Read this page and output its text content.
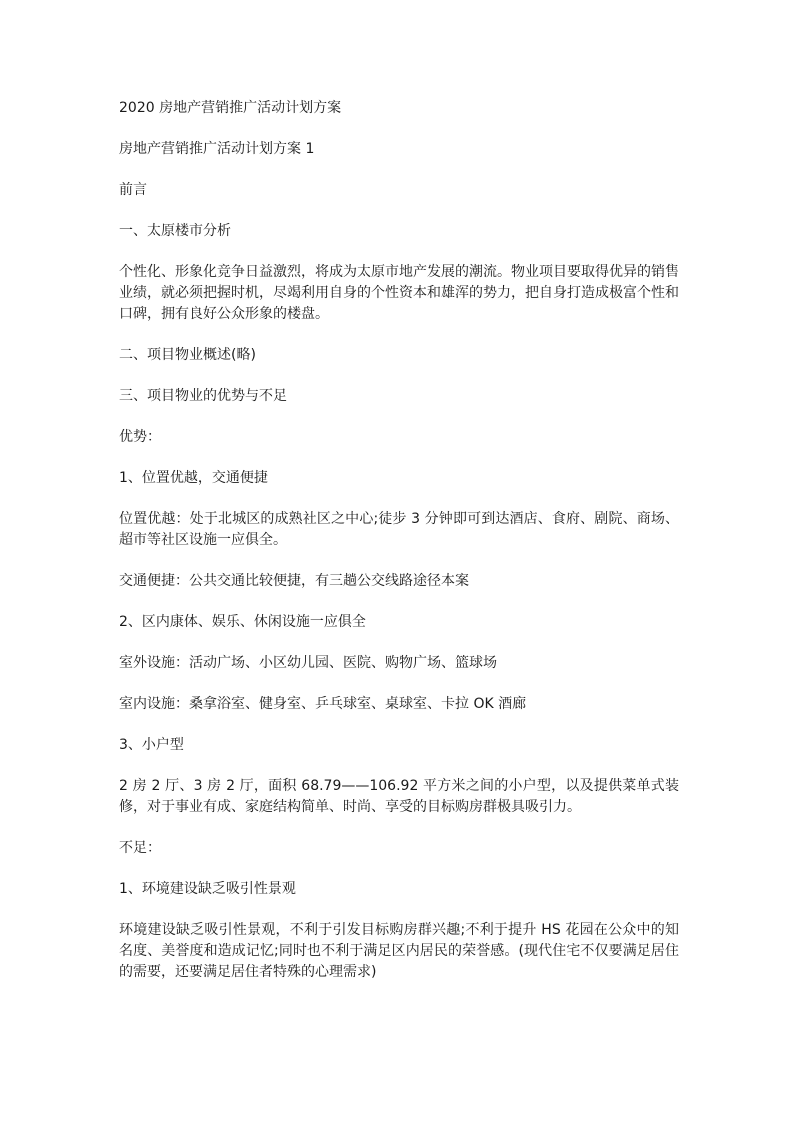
2020 房地产营销推广活动计划方案

房地产营销推广活动计划方案 1

前言

一、太原楼市分析

个性化、形象化竞争日益激烈，将成为太原市地产发展的潮流。物业项目要取得优异的销售业绩，就必须把握时机，尽竭利用自身的个性资本和雄浑的势力，把自身打造成极富个性和口碑，拥有良好公众形象的楼盘。

二、项目物业概述(略)

三、项目物业的优势与不足

优势：

1、位置优越，交通便捷

位置优越：处于北城区的成熟社区之中心;徒步 3 分钟即可到达酒店、食府、剧院、商场、超市等社区设施一应俱全。

交通便捷：公共交通比较便捷，有三趟公交线路途径本案

2、区内康体、娱乐、休闲设施一应俱全

室外设施：活动广场、小区幼儿园、医院、购物广场、篮球场

室内设施：桑拿浴室、健身室、乒乓球室、桌球室、卡拉 OK 酒廊

3、小户型

2 房 2 厅、3 房 2 厅，面积 68.79——106.92 平方米之间的小户型，以及提供菜单式装修，对于事业有成、家庭结构简单、时尚、享受的目标购房群极具吸引力。

不足：

1、环境建设缺乏吸引性景观

环境建设缺乏吸引性景观，不利于引发目标购房群兴趣;不利于提升 HS 花园在公众中的知名度、美誉度和造成记忆;同时也不利于满足区内居民的荣誉感。(现代住宅不仅要满足居住的需要，还要满足居住者特殊的心理需求)
